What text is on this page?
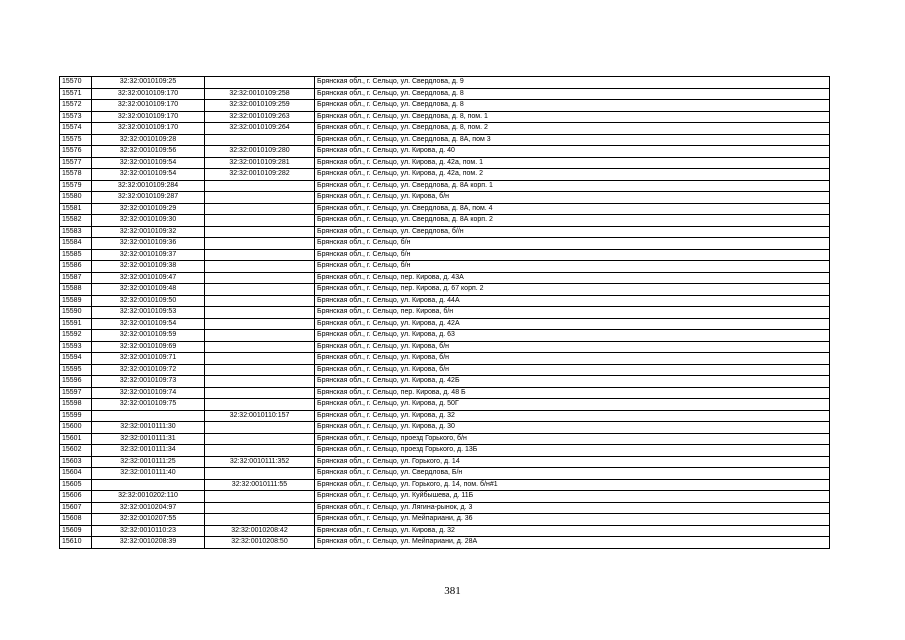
15570	32:32:0010109:25		Брянская обл., г. Сельцо, ул. Свердлова, д. 9
15571	32:32:0010109:170	32:32:0010109:258	Брянская обл., г. Сельцо, ул. Свердлова, д. 8
15572	32:32:0010109:170	32:32:0010109:259	Брянская обл., г. Сельцо, ул. Свердлова, д. 8
15573	32:32:0010109:170	32:32:0010109:263	Брянская обл., г. Сельцо, ул. Свердлова, д. 8, пом. 1
15574	32:32:0010109:170	32:32:0010109:264	Брянская обл., г. Сельцо, ул. Свердлова, д. 8, пом. 2
15575	32:32:0010109:28		Брянская обл., г. Сельцо, ул. Свердлова, д. 8А, пом 3
15576	32:32:0010109:56	32:32:0010109:280	Брянская обл., г. Сельцо, ул. Кирова, д. 40
15577	32:32:0010109:54	32:32:0010109:281	Брянская обл., г. Сельцо, ул. Кирова, д. 42а, пом. 1
15578	32:32:0010109:54	32:32:0010109:282	Брянская обл., г. Сельцо, ул. Кирова, д. 42а, пом. 2
15579	32:32:0010109:284		Брянская обл., г. Сельцо, ул. Свердлова, д. 8А корп. 1
15580	32:32:0010109:287		Брянская обл., г. Сельцо, ул. Кирова, б/н
15581	32:32:0010109:29		Брянская обл., г. Сельцо, ул. Свердлова, д. 8А, пом. 4
15582	32:32:0010109:30		Брянская обл., г. Сельцо, ул. Свердлова, д. 8А корп. 2
15583	32:32:0010109:32		Брянская обл., г. Сельцо, ул. Свердлова, б//н
15584	32:32:0010109:36		Брянская обл., г. Сельцо, б/н
15585	32:32:0010109:37		Брянская обл., г. Сельцо, б/н
15586	32:32:0010109:38		Брянская обл., г. Сельцо, б/н
15587	32:32:0010109:47		Брянская обл., г. Сельцо, пер. Кирова, д. 43А
15588	32:32:0010109:48		Брянская обл., г. Сельцо, пер. Кирова, д. 67 корп. 2
15589	32:32:0010109:50		Брянская обл., г. Сельцо, ул. Кирова, д. 44А
15590	32:32:0010109:53		Брянская обл., г. Сельцо, пер. Кирова, б/н
15591	32:32:0010109:54		Брянская обл., г. Сельцо, ул. Кирова, д. 42А
15592	32:32:0010109:59		Брянская обл., г. Сельцо, ул. Кирова, д. 63
15593	32:32:0010109:69		Брянская обл., г. Сельцо, ул. Кирова, б/н
15594	32:32:0010109:71		Брянская обл., г. Сельцо, ул. Кирова, б/н
15595	32:32:0010109:72		Брянская обл., г. Сельцо, ул. Кирова, б/н
15596	32:32:0010109:73		Брянская обл., г. Сельцо, ул. Кирова, д. 42Б
15597	32:32:0010109:74		Брянская обл., г. Сельцо, пер. Кирова, д. 48 Б
15598	32:32:0010109:75		Брянская обл., г. Сельцо, ул. Кирова, д. 50Г
15599		32:32:0010110:157	Брянская обл., г. Сельцо, ул. Кирова, д. 32
15600	32:32:0010111:30		Брянская обл., г. Сельцо, ул. Кирова, д. 30
15601	32:32:0010111:31		Брянская обл., г. Сельцо, проезд Горького, б/н
15602	32:32:0010111:34		Брянская обл., г. Сельцо, проезд Горького, д. 13Б
15603	32:32:0010111:25	32:32:0010111:352	Брянская обл., г. Сельцо, ул. Горького, д. 14
15604	32:32:0010111:40		Брянская обл., г. Сельцо, ул. Свердлова, Б/н
15605		32:32:0010111:55	Брянская обл., г. Сельцо, ул. Горького, д. 14, пом. б/н#1
15606	32:32:0010202:110		Брянская обл., г. Сельцо, ул. Куйбышева, д. 11Б
15607	32:32:0010204:97		Брянская обл., г. Сельцо, ул. Лягина-рынок, д. 3
15608	32:32:0010207:55		Брянская обл., г. Сельцо, ул. Мейпариани, д. 36
15609	32:32:0010110:23	32:32:0010208:42	Брянская обл., г. Сельцо, ул. Кирова, д. 32
15610	32:32:0010208:39	32:32:0010208:50	Брянская обл., г. Сельцо, ул. Мейпариани, д. 28А
381
